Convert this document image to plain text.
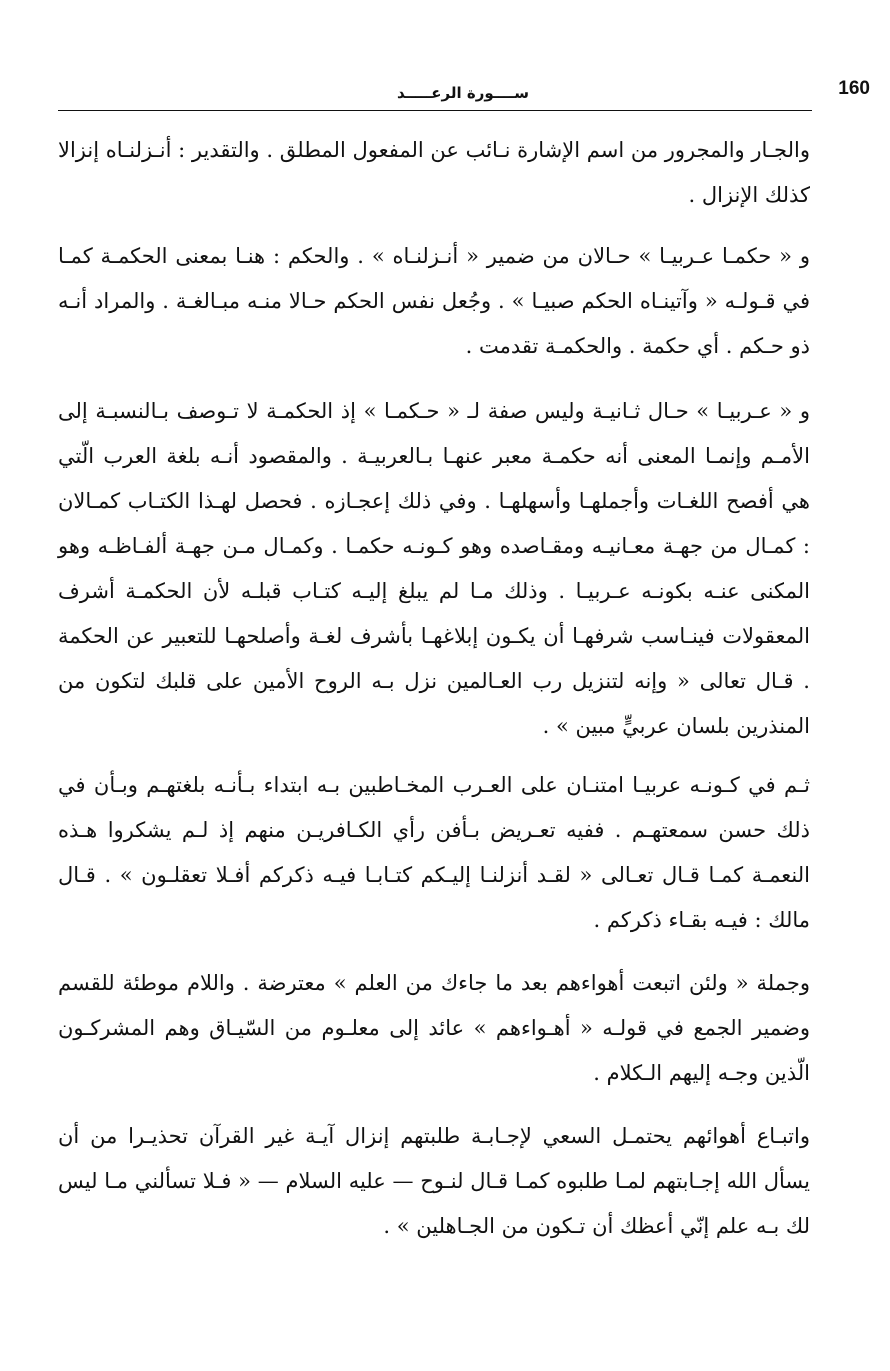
160
ســــورة الرعـــــد

والجـار والمجرور من اسم الإشارة نـائب عن المفعول المطلق . والتقدير : أنـزلنـاه إنزالا كذلك الإنزال .

و « حكمـا عـربيـا » حـالان من ضمير « أنـزلنـاه » . والحكم : هنـا بمعنى الحكمـة كمـا في قـولـه « وآتينـاه الحكم صبيـا » . وجُعل نفس الحكم حـالا منـه مبـالغـة . والمراد أنـه ذو حـكم . أي حكمة . والحكمـة تقدمت .

و « عـربيـا » حـال ثـانيـة وليس صفة لـ « حـكمـا » إذ الحكمـة لا تـوصف بـالنسبـة إلى الأمـم وإنمـا المعنى أنه حكمـة معبر عنهـا بـالعربيـة . والمقصود أنـه بلغة العرب الّتي هي أفصح اللغـات وأجملهـا وأسهلهـا . وفي ذلك إعجـازه . فحصل لهـذا الكتـاب كمـالان : كمـال من جهـة معـانيـه ومقـاصده وهو كـونـه حكمـا . وكمـال مـن جهـة ألفـاظـه وهو المكنى عنـه بكونـه عـربيـا . وذلك مـا لم يبلغ إليـه كتـاب قبلـه لأن الحكمـة أشرف المعقولات فينـاسب شرفهـا أن يكـون إبلاغهـا بأشرف لغـة وأصلحهـا للتعبير عن الحكمة . قـال تعالى « وإنه لتنزيل رب العـالمين نزل بـه الروح الأمين على قلبك لتكون من المنذرين بلسان عربيٍّ مبين » .

ثـم في كـونـه عربيـا امتنـان على العـرب المخـاطبين بـه ابتداء بـأنـه بلغتهـم وبـأن في ذلك حسن سمعتهـم . ففيه تعـريض بـأفن رأي الكـافريـن منهم إذ لـم يشكروا هـذه النعمـة كمـا قـال تعـالى « لقـد أنزلنـا إليـكم كتـابـا فيـه ذكركم أفـلا تعقلـون » . قـال مالك : فيـه بقـاء ذكركم .

وجملة « ولئن اتبعت أهواءهم بعد ما جاءك من العلم » معترضة . واللام موطئة للقسم وضمير الجمع في قولـه « أهـواءهم » عائد إلى معلـوم من السّيـاق وهم المشركـون الّذين وجـه إليهم الـكلام .

واتبـاع أهوائهم يحتمـل السعي لإجـابـة طلبتهم إنزال آيـة غير القرآن تحذيـرا من أن يسأل الله إجـابتهم لمـا طلبوه كمـا قـال لنـوح — عليه السلام — « فـلا تسألني مـا ليس لك بـه علم إنّي أعظك أن تـكون من الجـاهلين » .
